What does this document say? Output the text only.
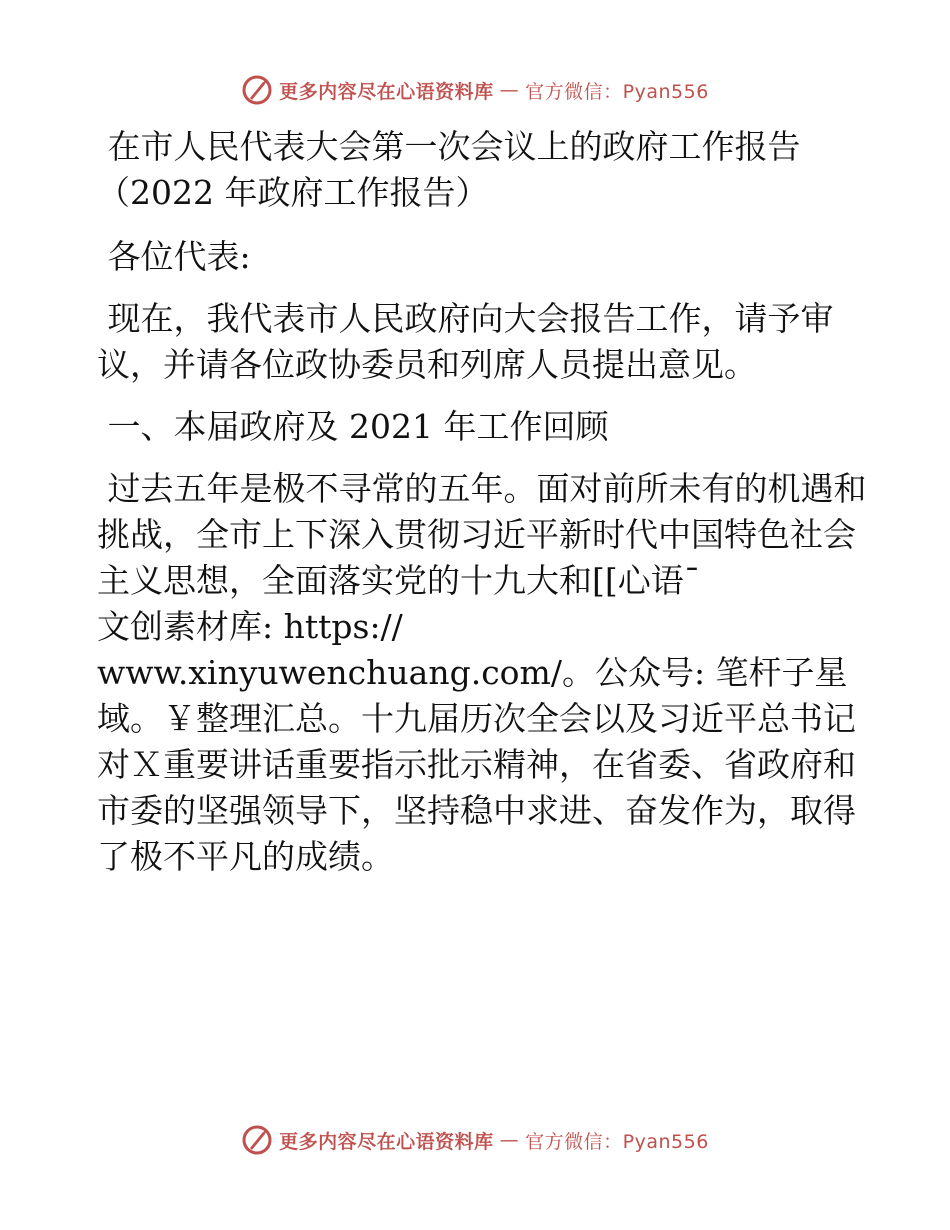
更多内容尽在心语资料库 — 官方微信：Pyan556

在市人民代表大会第一次会议上的政府工作报告

（2022 年政府工作报告）

各位代表:

现在，我代表市人民政府向大会报告工作，请予审议，并请各位政协委员和列席人员提出意见。

一、本届政府及 2021 年工作回顾

过去五年是极不寻常的五年。面对前所未有的机遇和挑战，全市上下深入贯彻习近平新时代中国特色社会主义思想，全面落实党的十九大和[[心语¯

文创素材库: https://

www.xinyuwenchuang.com/。公众号: 笔杆子星域。￥整理汇总。十九届历次全会以及习近平总书记对Ｘ重要讲话重要指示批示精神，在省委、省政府和市委的坚强领导下，坚持稳中求进、奋发作为，取得了极不平凡的成绩。

更多内容尽在心语资料库 — 官方微信：Pyan556
